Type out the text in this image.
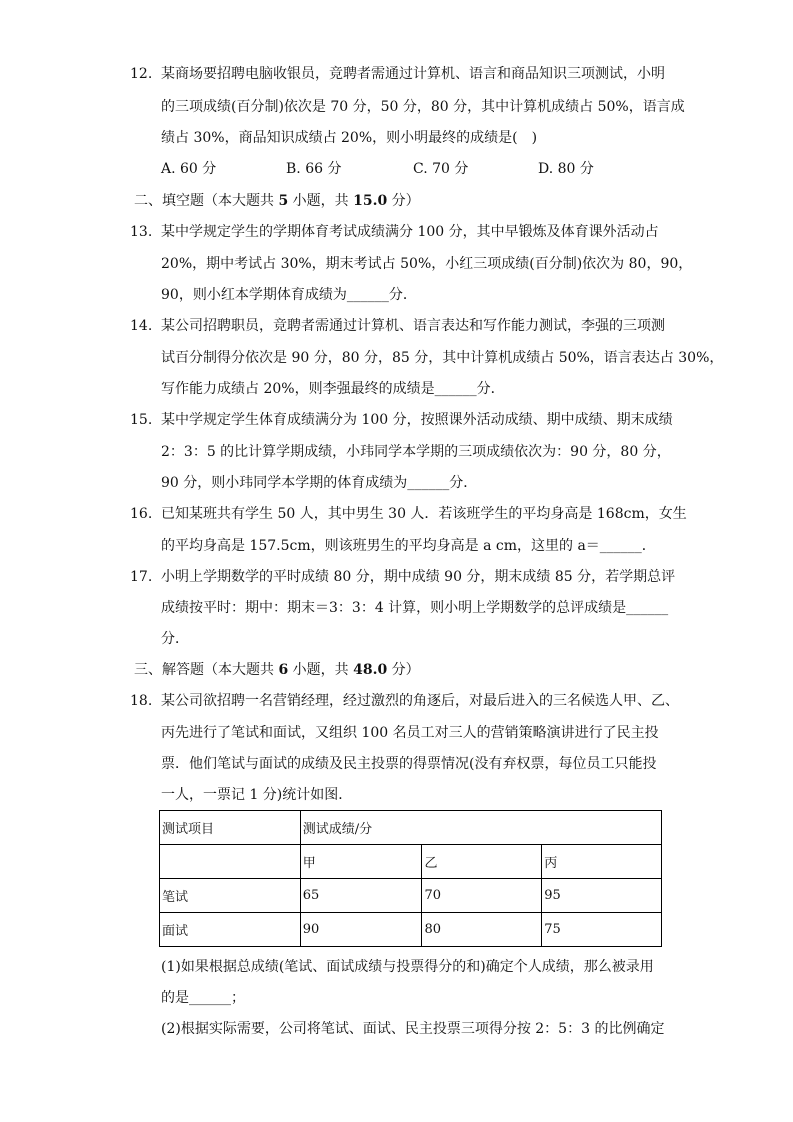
12. 某商场要招聘电脑收银员，竞聘者需通过计算机、语言和商品知识三项测试，小明
的三项成绩(百分制)依次是 70 分，50 分，80 分，其中计算机成绩占 50%，语言成
绩占 30%，商品知识成绩占 20%，则小明最终的成绩是(　)
A. 60 分	B. 66 分	C. 70 分	D. 80 分
二、填空题（本大题共 5 小题，共 15.0 分）
13. 某中学规定学生的学期体育考试成绩满分 100 分，其中早锻炼及体育课外活动占
20%，期中考试占 30%，期末考试占 50%，小红三项成绩(百分制)依次为 80，90，
90，则小红本学期体育成绩为______分．
14. 某公司招聘职员，竞聘者需通过计算机、语言表达和写作能力测试，李强的三项测
试百分制得分依次是 90 分，80 分，85 分，其中计算机成绩占 50%，语言表达占 30%，
写作能力成绩占 20%，则李强最终的成绩是______分．
15. 某中学规定学生体育成绩满分为 100 分，按照课外活动成绩、期中成绩、期末成绩
2：3：5 的比计算学期成绩，小玮同学本学期的三项成绩依次为：90 分，80 分，
90 分，则小玮同学本学期的体育成绩为______分．
16. 已知某班共有学生 50 人，其中男生 30 人．若该班学生的平均身高是 168cm，女生
的平均身高是 157.5cm，则该班男生的平均身高是 a cm，这里的 a＝______．
17. 小明上学期数学的平时成绩 80 分，期中成绩 90 分，期末成绩 85 分，若学期总评
成绩按平时：期中：期末＝3：3：4 计算，则小明上学期数学的总评成绩是______
分．
三、解答题（本大题共 6 小题，共 48.0 分）
18. 某公司欲招聘一名营销经理，经过激烈的角逐后，对最后进入的三名候选人甲、乙、
丙先进行了笔试和面试，又组织 100 名员工对三人的营销策略演讲进行了民主投
票．他们笔试与面试的成绩及民主投票的得票情况(没有弃权票，每位员工只能投
一人，一票记 1 分)统计如图．
测试项目	测试成绩/分		
	甲	乙	丙
笔试	65	70	95
面试	90	80	75
(1)如果根据总成绩(笔试、面试成绩与投票得分的和)确定个人成绩，那么被录用
的是______；
(2)根据实际需要，公司将笔试、面试、民主投票三项得分按 2：5：3 的比例确定
